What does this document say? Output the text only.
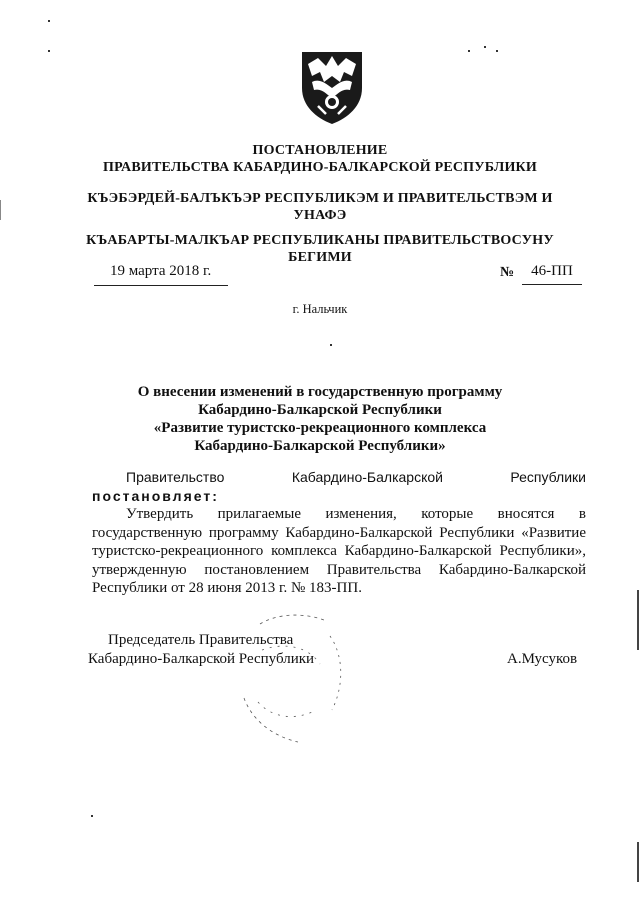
ПОСТАНОВЛЕНИЕ
ПРАВИТЕЛЬСТВА КАБАРДИНО-БАЛКАРСКОЙ РЕСПУБЛИКИ
КЪЭБЭРДЕЙ-БАЛЪКЪЭР РЕСПУБЛИКЭМ И ПРАВИТЕЛЬСТВЭМ И
УНАФЭ
КЪАБАРТЫ-МАЛКЪАР РЕСПУБЛИКАНЫ ПРАВИТЕЛЬСТВОСУНУ
БЕГИМИ
19 марта 2018 г.	№	46-ПП
г. Нальчик
О внесении изменений в государственную программу
Кабардино-Балкарской Республики
«Развитие туристско-рекреационного комплекса
Кабардино-Балкарской Республики»
Правительство Кабардино-Балкарской Республики постановляет:
Утвердить прилагаемые изменения, которые вносятся в государственную программу Кабардино-Балкарской Республики «Развитие туристско-рекреационного комплекса Кабардино-Балкарской Республики», утвержденную постановлением Правительства Кабардино-Балкарской Республики от 28 июня 2013 г. № 183-ПП.
Председатель Правительства
Кабардино-Балкарской Республики	А.Мусуков
